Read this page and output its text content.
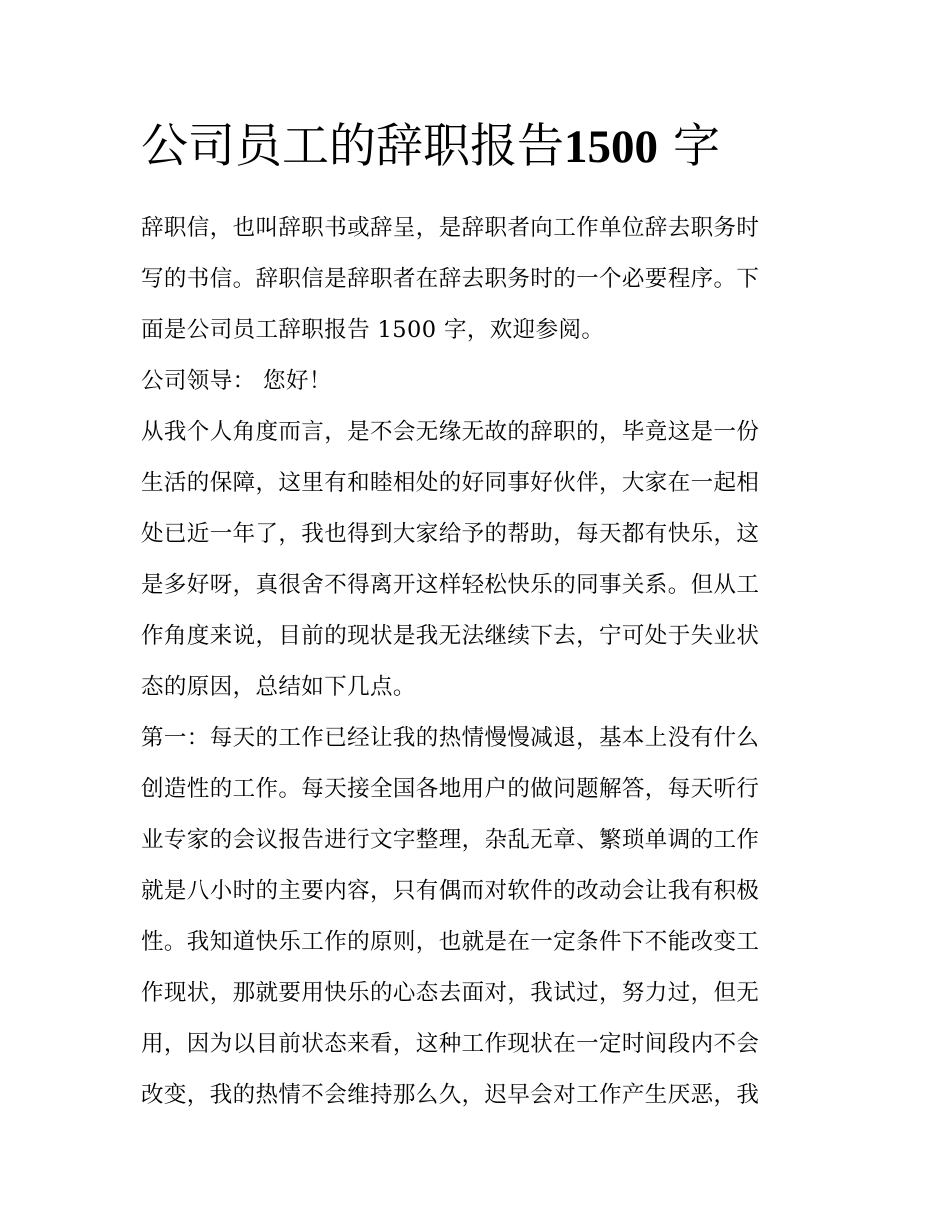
公司员工的辞职报告1500 字
辞职信，也叫辞职书或辞呈，是辞职者向工作单位辞去职务时
写的书信。辞职信是辞职者在辞去职务时的一个必要程序。下
面是公司员工辞职报告 1500 字，欢迎参阅。
公司领导： 您好！
从我个人角度而言，是不会无缘无故的辞职的，毕竟这是一份
生活的保障，这里有和睦相处的好同事好伙伴，大家在一起相
处已近一年了，我也得到大家给予的帮助，每天都有快乐，这
是多好呀，真很舍不得离开这样轻松快乐的同事关系。但从工
作角度来说，目前的现状是我无法继续下去，宁可处于失业状
态的原因，总结如下几点。
第一：每天的工作已经让我的热情慢慢减退，基本上没有什么
创造性的工作。每天接全国各地用户的做问题解答，每天听行
业专家的会议报告进行文字整理，杂乱无章、繁琐单调的工作
就是八小时的主要内容，只有偶而对软件的改动会让我有积极
性。我知道快乐工作的原则，也就是在一定条件下不能改变工
作现状，那就要用快乐的心态去面对，我试过，努力过，但无
用，因为以目前状态来看，这种工作现状在一定时间段内不会
改变，我的热情不会维持那么久，迟早会对工作产生厌恶，我
